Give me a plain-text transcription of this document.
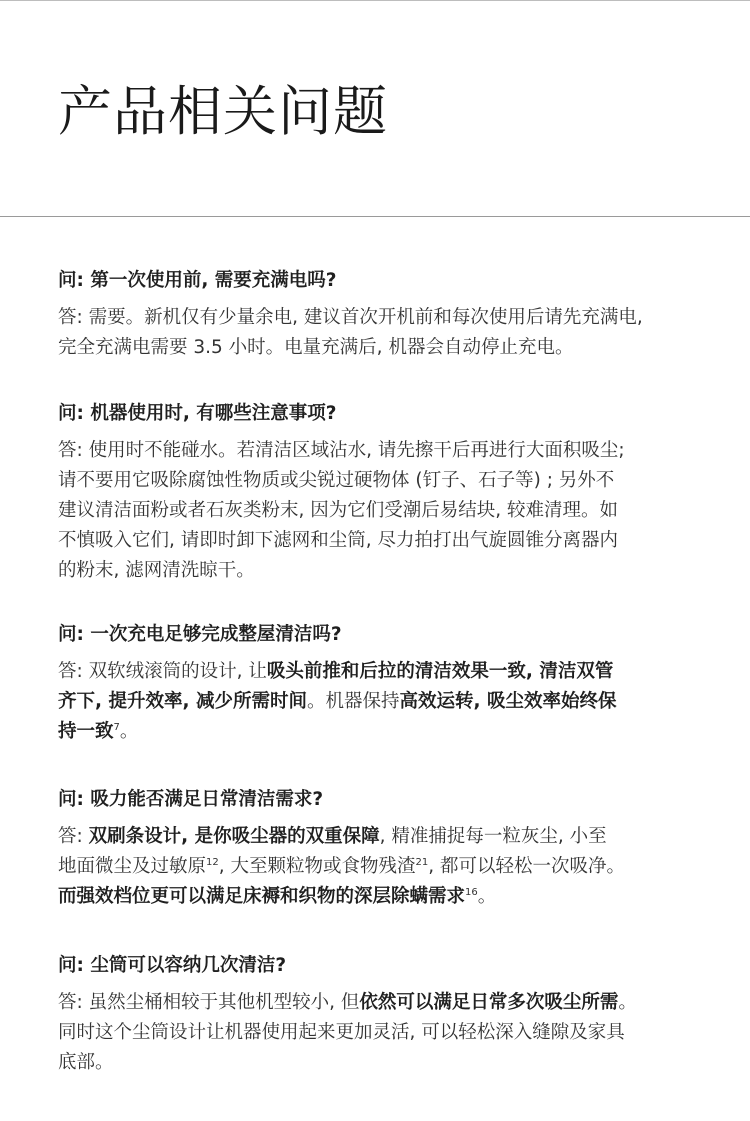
产品相关问题

问: 第一次使用前, 需要充满电吗?

答: 需要。新机仅有少量余电, 建议首次开机前和每次使用后请先充满电,
完全充满电需要 3.5 小时。电量充满后, 机器会自动停止充电。

问: 机器使用时, 有哪些注意事项?

答: 使用时不能碰水。若清洁区域沾水, 请先擦干后再进行大面积吸尘;
请不要用它吸除腐蚀性物质或尖锐过硬物体 (钉子、石子等) ; 另外不
建议清洁面粉或者石灰类粉末, 因为它们受潮后易结块, 较难清理。如
不慎吸入它们, 请即时卸下滤网和尘筒, 尽力拍打出气旋圆锥分离器内
的粉末, 滤网清洗晾干。

问: 一次充电足够完成整屋清洁吗?

答: 双软绒滚筒的设计, 让吸头前推和后拉的清洁效果一致, 清洁双管
齐下, 提升效率, 减少所需时间。机器保持高效运转, 吸尘效率始终保
持一致$^7$。

问: 吸力能否满足日常清洁需求?

答: 双刷条设计, 是你吸尘器的双重保障, 精准捕捉每一粒灰尘, 小至
地面微尘及过敏原$^{12}$, 大至颗粒物或食物残渣$^{21}$, 都可以轻松一次吸净。
而强效档位更可以满足床褥和织物的深层除螨需求$^{16}$。

问: 尘筒可以容纳几次清洁?

答: 虽然尘桶相较于其他机型较小, 但依然可以满足日常多次吸尘所需。
同时这个尘筒设计让机器使用起来更加灵活, 可以轻松深入缝隙及家具
底部。
